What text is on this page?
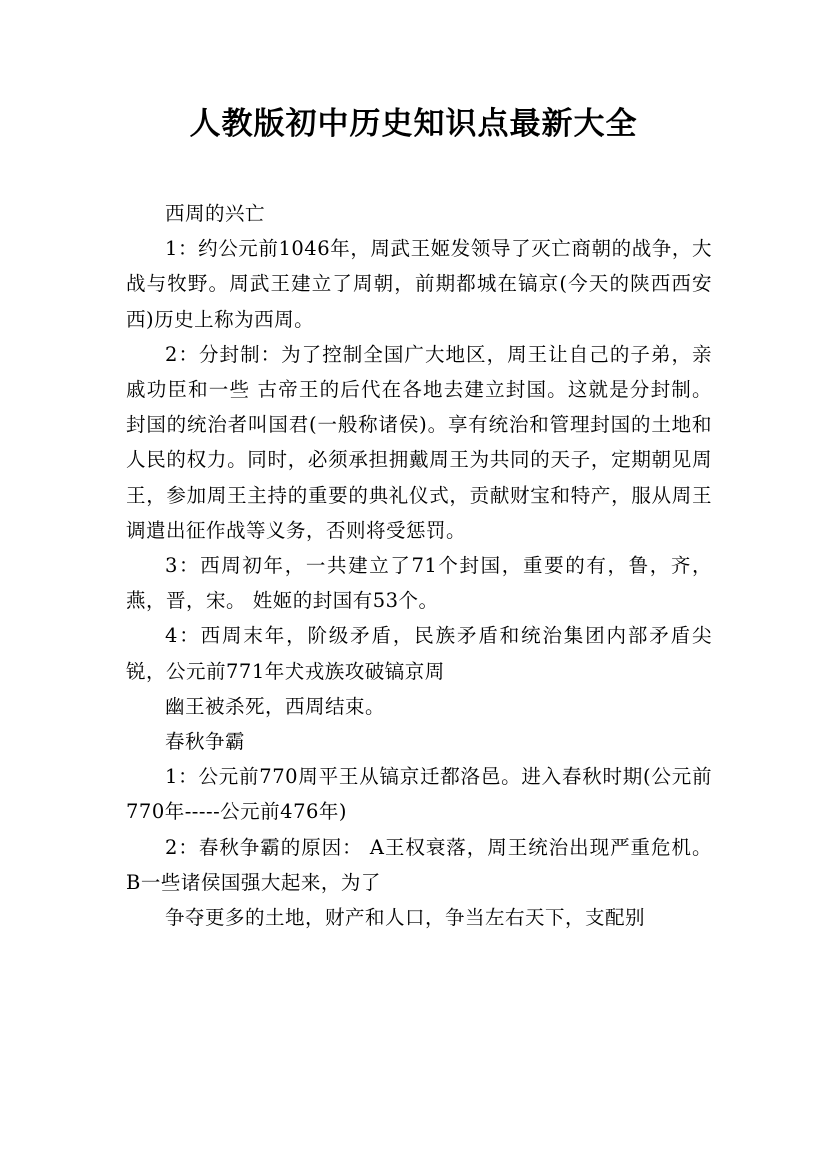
人教版初中历史知识点最新大全

西周的兴亡

1：约公元前1046年，周武王姬发领导了灭亡商朝的战争，大战与牧野。周武王建立了周朝，前期都城在镐京(今天的陕西西安西)历史上称为西周。

2：分封制：为了控制全国广大地区，周王让自己的子弟，亲戚功臣和一些 古帝王的后代在各地去建立封国。这就是分封制。封国的统治者叫国君(一般称诸侯)。享有统治和管理封国的土地和人民的权力。同时，必须承担拥戴周王为共同的天子，定期朝见周王，参加周王主持的重要的典礼仪式，贡献财宝和特产，服从周王调遣出征作战等义务，否则将受惩罚。

3：西周初年，一共建立了71个封国，重要的有，鲁，齐，燕，晋，宋。 姓姬的封国有53个。

4：西周末年，阶级矛盾，民族矛盾和统治集团内部矛盾尖锐，公元前771年犬戎族攻破镐京周

幽王被杀死，西周结束。

春秋争霸

1：公元前770周平王从镐京迁都洛邑。进入春秋时期(公元前770年-----公元前476年)

2：春秋争霸的原因： A王权衰落，周王统治出现严重危机。 B一些诸侯国强大起来，为了

争夺更多的土地，财产和人口，争当左右天下，支配别
